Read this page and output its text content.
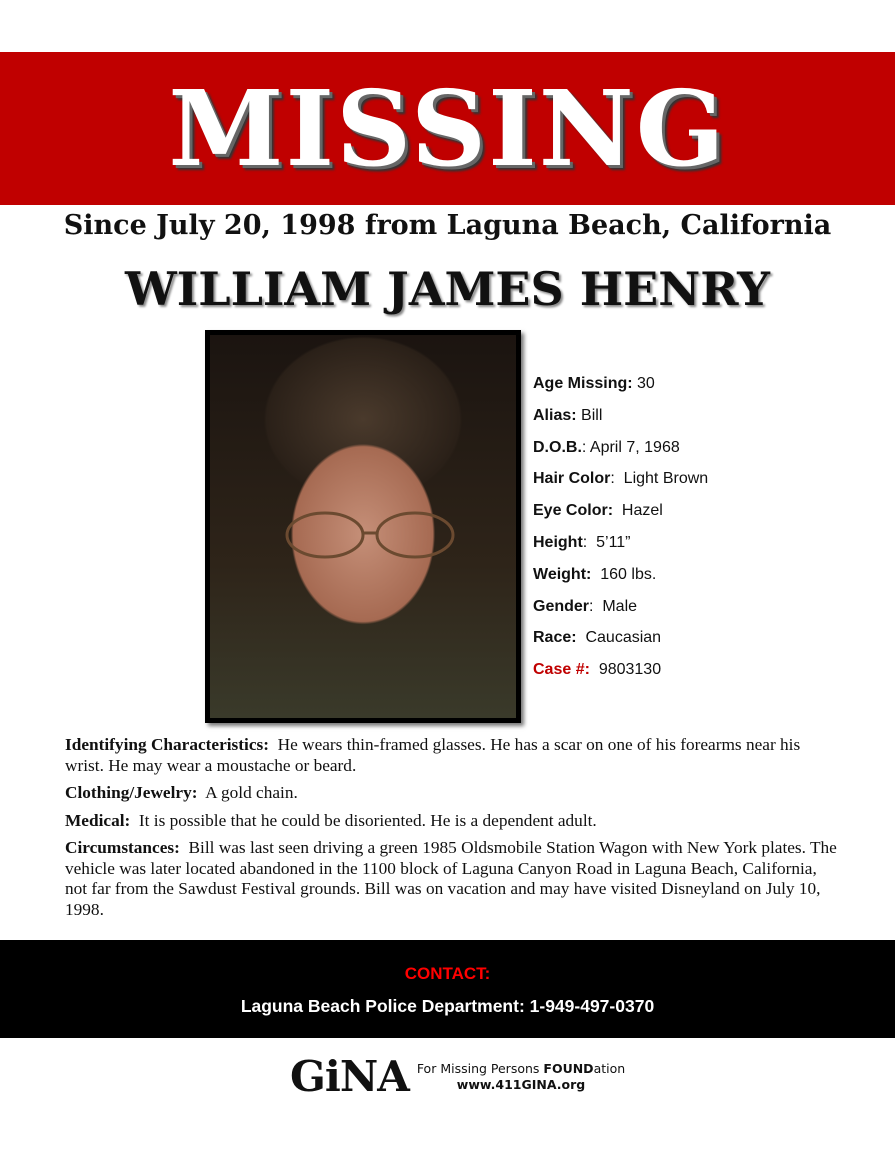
MISSING
Since July 20, 1998 from Laguna Beach, California
WILLIAM JAMES HENRY
Age Missing: 30
Alias: Bill
D.O.B.: April 7, 1968
Hair Color:  Light Brown
Eye Color: Hazel
Height:  5’11”
Weight: 160 lbs.
Gender:  Male
Race: Caucasian
Case #: 9803130

Identifying Characteristics: He wears thin-framed glasses. He has a scar on one of his forearms near his wrist. He may wear a moustache or beard.

Clothing/Jewelry: A gold chain.

Medical: It is possible that he could be disoriented. He is a dependent adult.

Circumstances: Bill was last seen driving a green 1985 Oldsmobile Station Wagon with New York plates. The vehicle was later located abandoned in the 1100 block of Laguna Canyon Road in Laguna Beach, California, not far from the Sawdust Festival grounds. Bill was on vacation and may have visited Disneyland on July 10, 1998.

CONTACT:
Laguna Beach Police Department: 1-949-497-0370
GiNA For Missing Persons FOUNDation
www.411GINA.org
